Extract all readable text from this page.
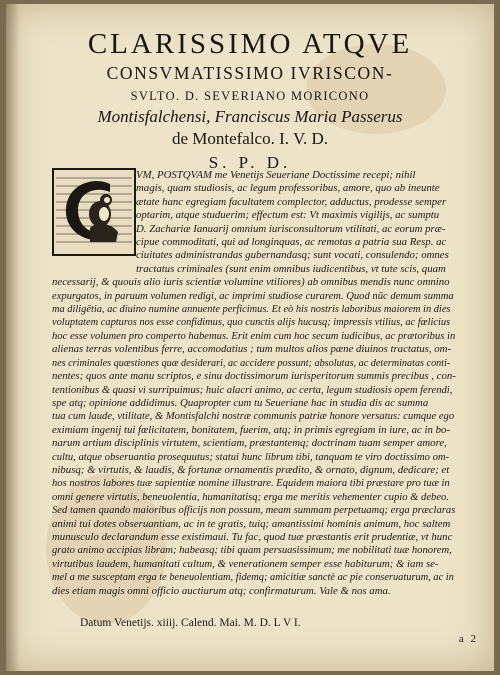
CLARISSIMO ATQVE
CONSVMATISSIMO IVRISCON-
SVLTO. D. SEVERIANO MORICONO
Montisfalchensi, Franciscus Maria Passerus
de Montefalco. I. V. D.
S. P. D.
VM, POSTQVAM me Venetijs Seueriane Doctissime recepi; nihil
magis, quam studiosis, ac legum professoribus, amore, quo ab ineunte
ætate hanc egregiam facultatem complector, adductus, prodesse semper
optarim, atque studuerim; effectum est: Vt maximis vigilijs, ac sumptu
D. Zachariæ Ianuarij omnium iurisconsultorum vtilitati, ac eorum præ-
cipue commoditati, qui ad longinquas, ac remotas a patria sua Resp. ac
ciuitates administrandas gubernandasq; sunt vocati, consulendo; omnes
tractatus criminales (sunt enim omnibus iudicentibus, vt tute scis, quam
necessarij, & quouis alio iuris scientiæ volumine vtiliores) ab omnibus mendis nunc omnino
expurgatos, in paruum volumen redigi, ac imprimi studiose curarem. Quod nūc demum summa
ma diligētia, ac diuino numine annuente perficimus. Et eò his nostris laboribus maiorem in dies
voluptatem capturos nos esse confidimus, quo cunctis alijs hucusq; impressis vtilius, ac fœlicius
hoc esse volumen pro comperto habemus. Erit enim cum hoc secum iudicibus, ac prætoribus in
alienas terras volentibus ferre, accomodatius ; tum multos alios pæne diuinos tractatus, om-
nes criminales quæstiones quæ desiderari, ac accidere possunt; absolutas, ac determinatas conti-
nentes; quos ante manu scriptos, e sinu doctissimorum iurisperitorum summis precibus , con-
tentionibus & quasi vi surripuimus; huic alacri animo, ac certa, legum studiosis opem ferendi,
spe atq; opinione addidimus. Quapropter cum tu Seueriane hac in studia dis ac summa
tua cum laude, vtilitate, & Montisfalchi nostræ communis patriæ honore versatus: cumque ego
eximiam ingenij tui fœlicitatem, bonitatem, fuerim, atq; in primis egregiam in iure, ac in bo-
narum artium disciplinis virtutem, scientiam, præstantemq; doctrinam tuam semper amore,
cultu, atque obseruantia prosequutus; statui hunc librum tibi, tanquam te viro doctissimo om-
nibusq; & virtutis, & laudis, & fortunæ ornamentis prædito, & ornato, dignum, dedicare; et
hos nostros labores tuæ sapientiæ nomine illustrare. Equidem maiora tibi præstare pro tuæ in
omni genere virtutis, beneuolentia, humanitatisq; erga me meritis vehementer cupio & debeo.
Sed tamen quando maioribus officijs non possum, meam summam perpetuamq; erga præclaras
animi tui dotes obseruantiam, ac in te gratis, tuiq; amantissimi hominis animum, hoc saltem
munusculo declarandum esse existimaui. Tu fac, quod tuæ præstantis erit prudentiæ, vt hunc
grato animo accipias libram; habeasq; tibi quam persuasissimum; me nobilitati tuæ honorem,
virtutibus laudem, humanitati cultum, & venerationem semper esse habiturum; & iam se-
mel a me susceptam erga te beneuolentiam, fidemq; amicitiæ sanctè ac pie conseruaturum, ac in
dies etiam magis omni officio auctiurum atq; confirmaturum. Vale & nos ama.
Datum Venetijs. xiiij. Calend. Mai. M. D. L V I.
a 2
